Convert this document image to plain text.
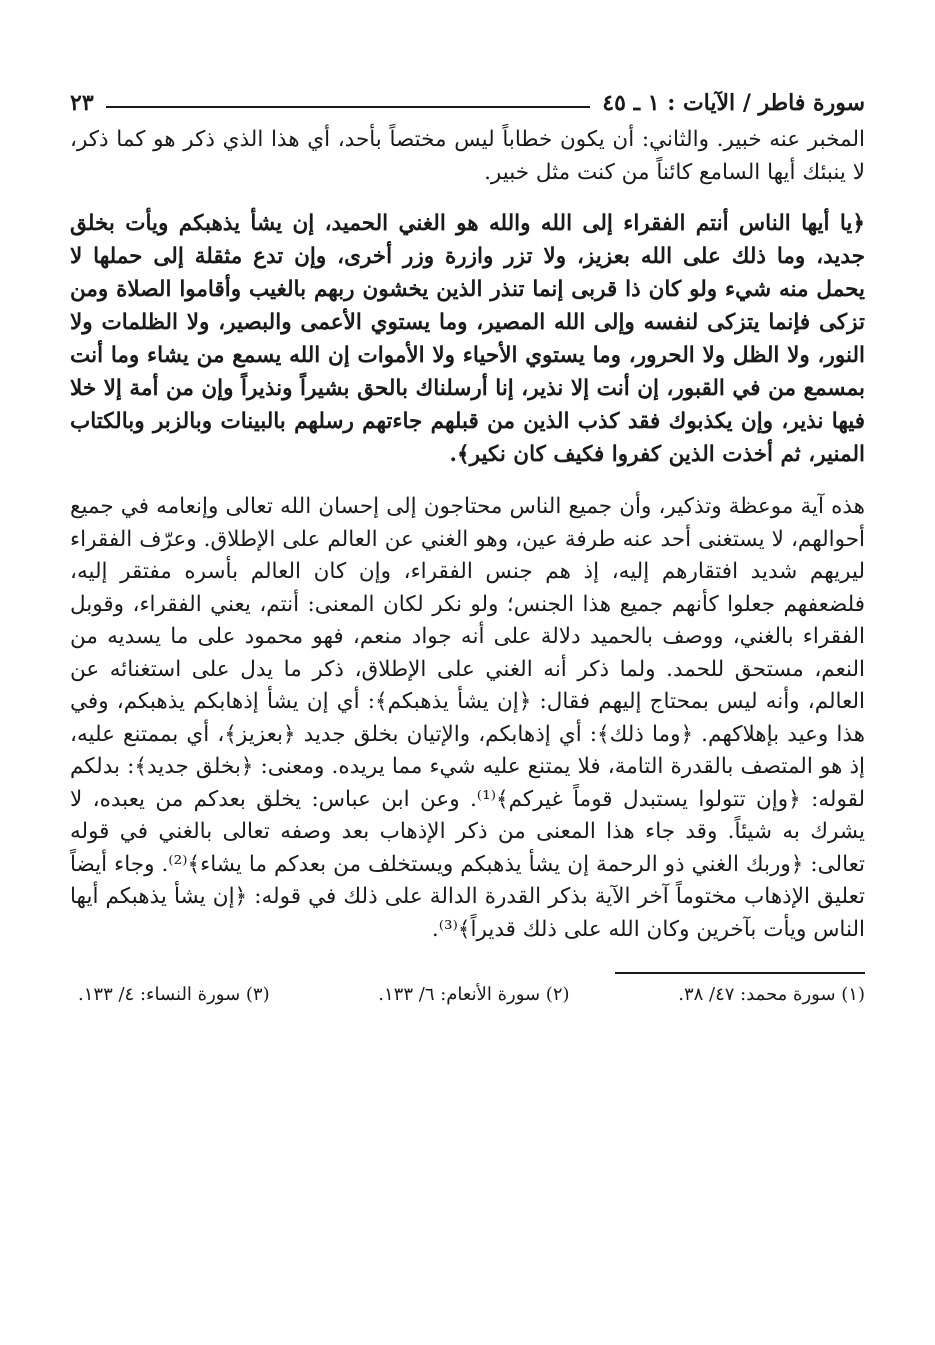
سورة فاطر / الآيات : ١ ـ ٤٥
٢٣

المخبر عنه خبير. والثاني: أن يكون خطاباً ليس مختصاً بأحد، أي هذا الذي ذكر هو كما ذكر، لا ينبئك أيها السامع كائناً من كنت مثل خبير.

﴿يا أيها الناس أنتم الفقراء إلى الله والله هو الغني الحميد، إن يشأ يذهبكم ويأت بخلق جديد، وما ذلك على الله بعزيز، ولا تزر وازرة وزر أخرى، وإن تدع مثقلة إلى حملها لا يحمل منه شيء ولو كان ذا قربى إنما تنذر الذين يخشون ربهم بالغيب وأقاموا الصلاة ومن تزكى فإنما يتزكى لنفسه وإلى الله المصير، وما يستوي الأعمى والبصير، ولا الظلمات ولا النور، ولا الظل ولا الحرور، وما يستوي الأحياء ولا الأموات إن الله يسمع من يشاء وما أنت بمسمع من في القبور، إن أنت إلا نذير، إنا أرسلناك بالحق بشيراً ونذيراً وإن من أمة إلا خلا فيها نذير، وإن يكذبوك فقد كذب الذين من قبلهم جاءتهم رسلهم بالبينات وبالزبر وبالكتاب المنير، ثم أخذت الذين كفروا فكيف كان نكير﴾.

هذه آية موعظة وتذكير، وأن جميع الناس محتاجون إلى إحسان الله تعالى وإنعامه في جميع أحوالهم، لا يستغنى أحد عنه طرفة عين، وهو الغني عن العالم على الإطلاق. وعرّف الفقراء ليريهم شديد افتقارهم إليه، إذ هم جنس الفقراء، وإن كان العالم بأسره مفتقر إليه، فلضعفهم جعلوا كأنهم جميع هذا الجنس؛ ولو نكر لكان المعنى: أنتم، يعني الفقراء، وقوبل الفقراء بالغني، ووصف بالحميد دلالة على أنه جواد منعم، فهو محمود على ما يسديه من النعم، مستحق للحمد. ولما ذكر أنه الغني على الإطلاق، ذكر ما يدل على استغنائه عن العالم، وأنه ليس بمحتاج إليهم فقال: ﴿إن يشأ يذهبكم﴾: أي إن يشأ إذهابكم يذهبكم، وفي هذا وعيد بإهلاكهم. ﴿وما ذلك﴾: أي إذهابكم، والإتيان بخلق جديد ﴿بعزيز﴾، أي بممتنع عليه، إذ هو المتصف بالقدرة التامة، فلا يمتنع عليه شيء مما يريده. ومعنى: ﴿بخلق جديد﴾: بدلكم لقوله: ﴿وإن تتولوا يستبدل قوماً غيركم﴾⁽¹⁾. وعن ابن عباس: يخلق بعدكم من يعبده، لا يشرك به شيئاً. وقد جاء هذا المعنى من ذكر الإذهاب بعد وصفه تعالى بالغني في قوله تعالى: ﴿وربك الغني ذو الرحمة إن يشأ يذهبكم ويستخلف من بعدكم ما يشاء﴾⁽²⁾. وجاء أيضاً تعليق الإذهاب مختوماً آخر الآية بذكر القدرة الدالة على ذلك في قوله: ﴿إن يشأ يذهبكم أيها الناس ويأت بآخرين وكان الله على ذلك قديراً﴾⁽³⁾.

(١) سورة محمد: ٤٧/ ٣٨.
(٢) سورة الأنعام: ٦/ ١٣٣.
(٣) سورة النساء: ٤/ ١٣٣.
